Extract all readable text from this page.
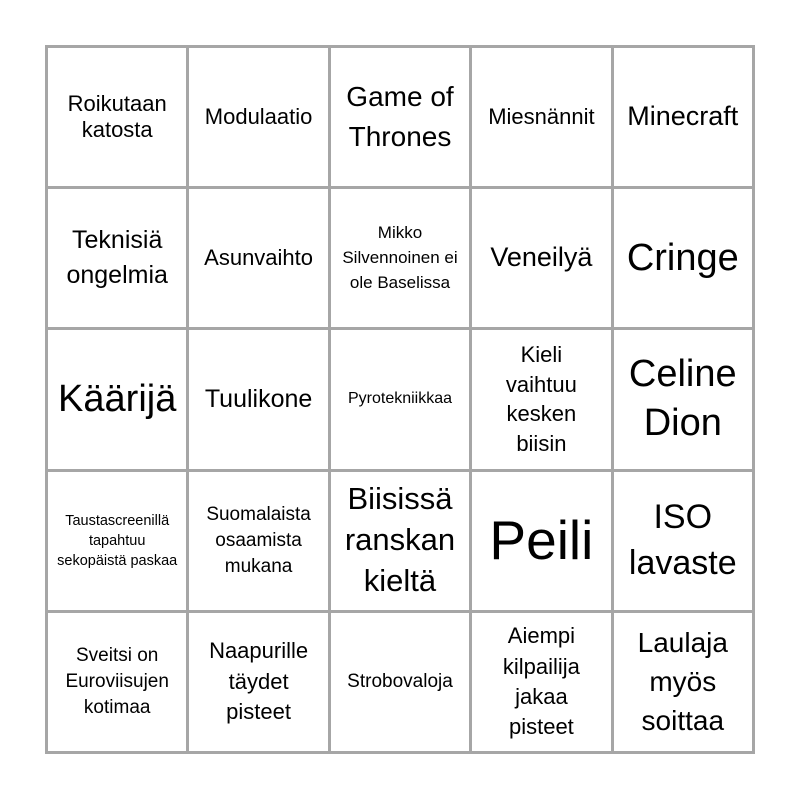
Roikutaan katosta
Modulaatio
Game of Thrones
Miesnännit Minecraft
Teknisiä ongelmia
Asunvaihto
Mikko Silvennoinen ei ole Baselissa
Veneilyä Cringe
Käärijä Tuulikone Pyrotekniikkaa
Kieli vaihtuu kesken biisin
Celine Dion
Taustascreenillä tapahtuu sekopäistä paskaa
Suomalaista osaamista mukana
Biisissä ranskan kieltä
Peili	ISO lavaste
Sveitsi on Euroviisujen kotimaa
Naapurille täydet pisteet
Strobovaloja
Aiempi kilpailija jakaa pisteet
Laulaja myös soittaa
